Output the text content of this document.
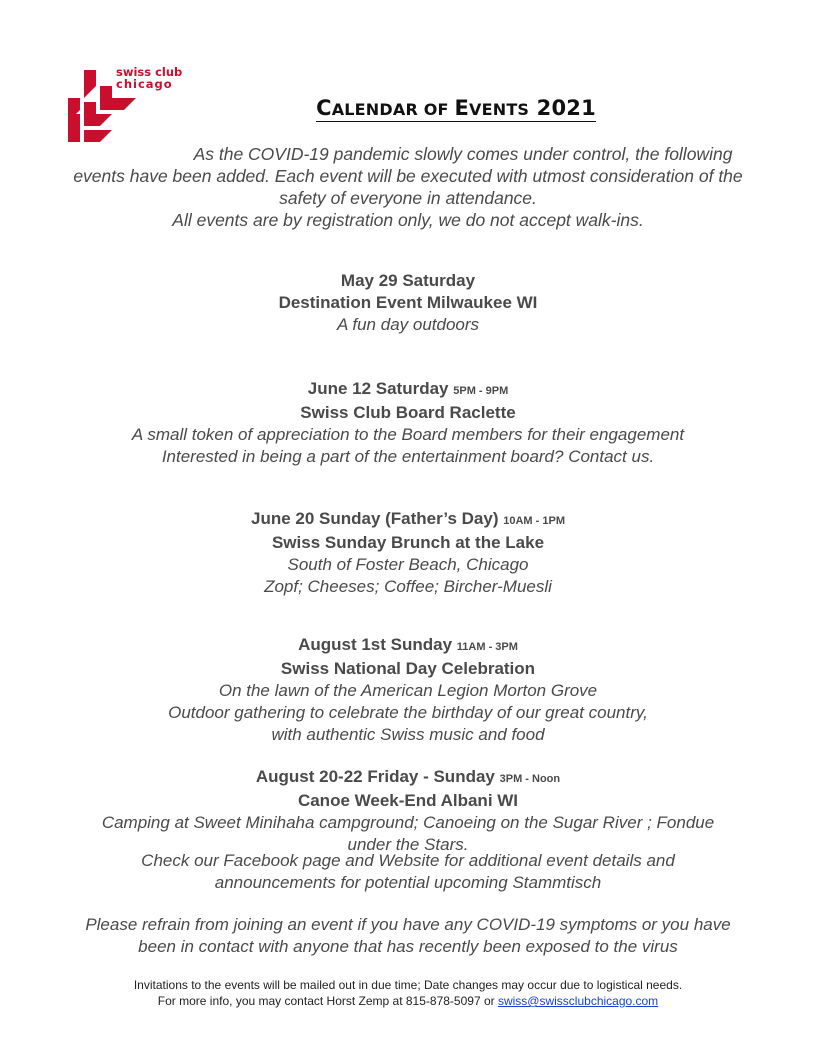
swiss club
chicago
CALENDAR OF EVENTS 2021

As the COVID-19 pandemic slowly comes under control, the following

events have been added. Each event will be executed with utmost consideration of the

safety of everyone in attendance.

All events are by registration only, we do not accept walk-ins.

May 29 Saturday
Destination Event Milwaukee WI
A fun day outdoors
June 12 Saturday 5PM - 9PM
Swiss Club Board Raclette
A small token of appreciation to the Board members for their engagement
Interested in being a part of the entertainment board? Contact us.
June 20 Sunday (Father’s Day) 10AM - 1PM
Swiss Sunday Brunch at the Lake
South of Foster Beach, Chicago
Zopf; Cheeses; Coffee; Bircher-Muesli
August 1st Sunday 11AM - 3PM
Swiss National Day Celebration
On the lawn of the American Legion Morton Grove
Outdoor gathering to celebrate the birthday of our great country,
with authentic Swiss music and food
August 20-22 Friday - Sunday 3PM - Noon
Canoe Week-End Albani WI
Camping at Sweet Minihaha campground; Canoeing on the Sugar River ; Fondue
under the Stars.
Check our Facebook page and Website for additional event details and
announcements for potential upcoming Stammtisch
Please refrain from joining an event if you have any COVID-19 symptoms or you have
been in contact with anyone that has recently been exposed to the virus
Invitations to the events will be mailed out in due time; Date changes may occur due to logistical needs.
For more info, you may contact Horst Zemp at 815-878-5097 or swiss@swissclubchicago.com
